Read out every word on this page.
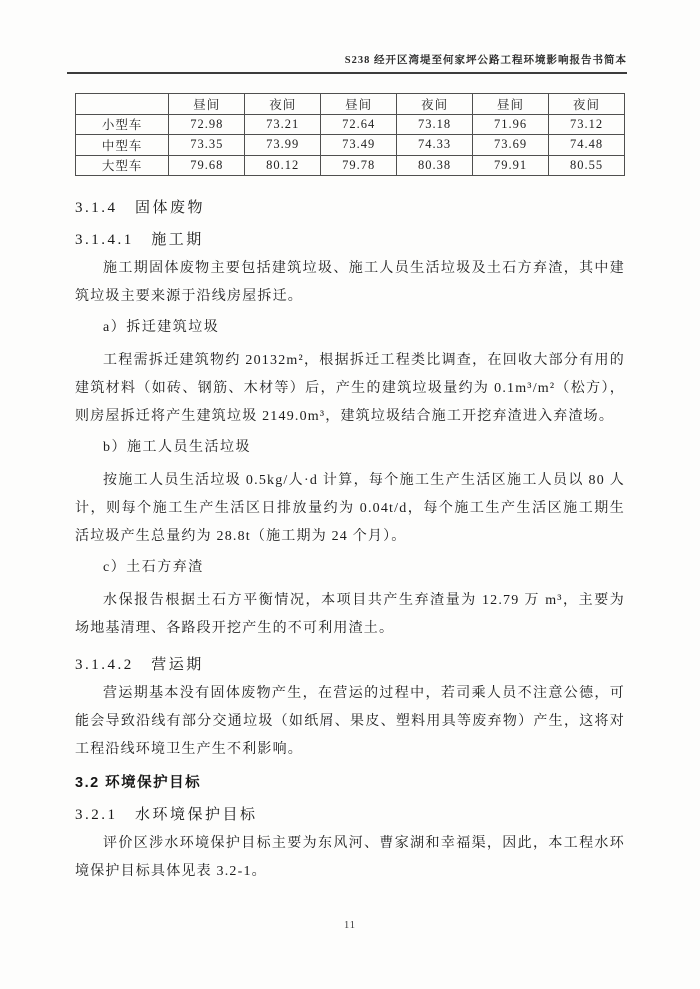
S238 经开区湾堤至何家坪公路工程环境影响报告书简本
	昼间	夜间	昼间	夜间	昼间	夜间
小型车	72.98	73.21	72.64	73.18	71.96	73.12
中型车	73.35	73.99	73.49	74.33	73.69	74.48
大型车	79.68	80.12	79.78	80.38	79.91	80.55
3.1.4　固体废物
3.1.4.1　施工期

施工期固体废物主要包括建筑垃圾、施工人员生活垃圾及土石方弃渣，其中建筑垃圾主要来源于沿线房屋拆迁。

a）拆迁建筑垃圾

工程需拆迁建筑物约 20132m²，根据拆迁工程类比调查，在回收大部分有用的建筑材料（如砖、钢筋、木材等）后，产生的建筑垃圾量约为 0.1m³/m²（松方），则房屋拆迁将产生建筑垃圾 2149.0m³，建筑垃圾结合施工开挖弃渣进入弃渣场。

b）施工人员生活垃圾

按施工人员生活垃圾 0.5kg/人·d 计算，每个施工生产生活区施工人员以 80 人计，则每个施工生产生活区日排放量约为 0.04t/d，每个施工生产生活区施工期生活垃圾产生总量约为 28.8t（施工期为 24 个月）。

c）土石方弃渣

水保报告根据土石方平衡情况，本项目共产生弃渣量为 12.79 万 m³，主要为场地基清理、各路段开挖产生的不可利用渣土。

3.1.4.2　营运期

营运期基本没有固体废物产生，在营运的过程中，若司乘人员不注意公德，可能会导致沿线有部分交通垃圾（如纸屑、果皮、塑料用具等废弃物）产生，这将对工程沿线环境卫生产生不利影响。

3.2 环境保护目标
3.2.1　水环境保护目标

评价区涉水环境保护目标主要为东风河、曹家湖和幸福渠，因此，本工程水环境保护目标具体见表 3.2-1。

11
